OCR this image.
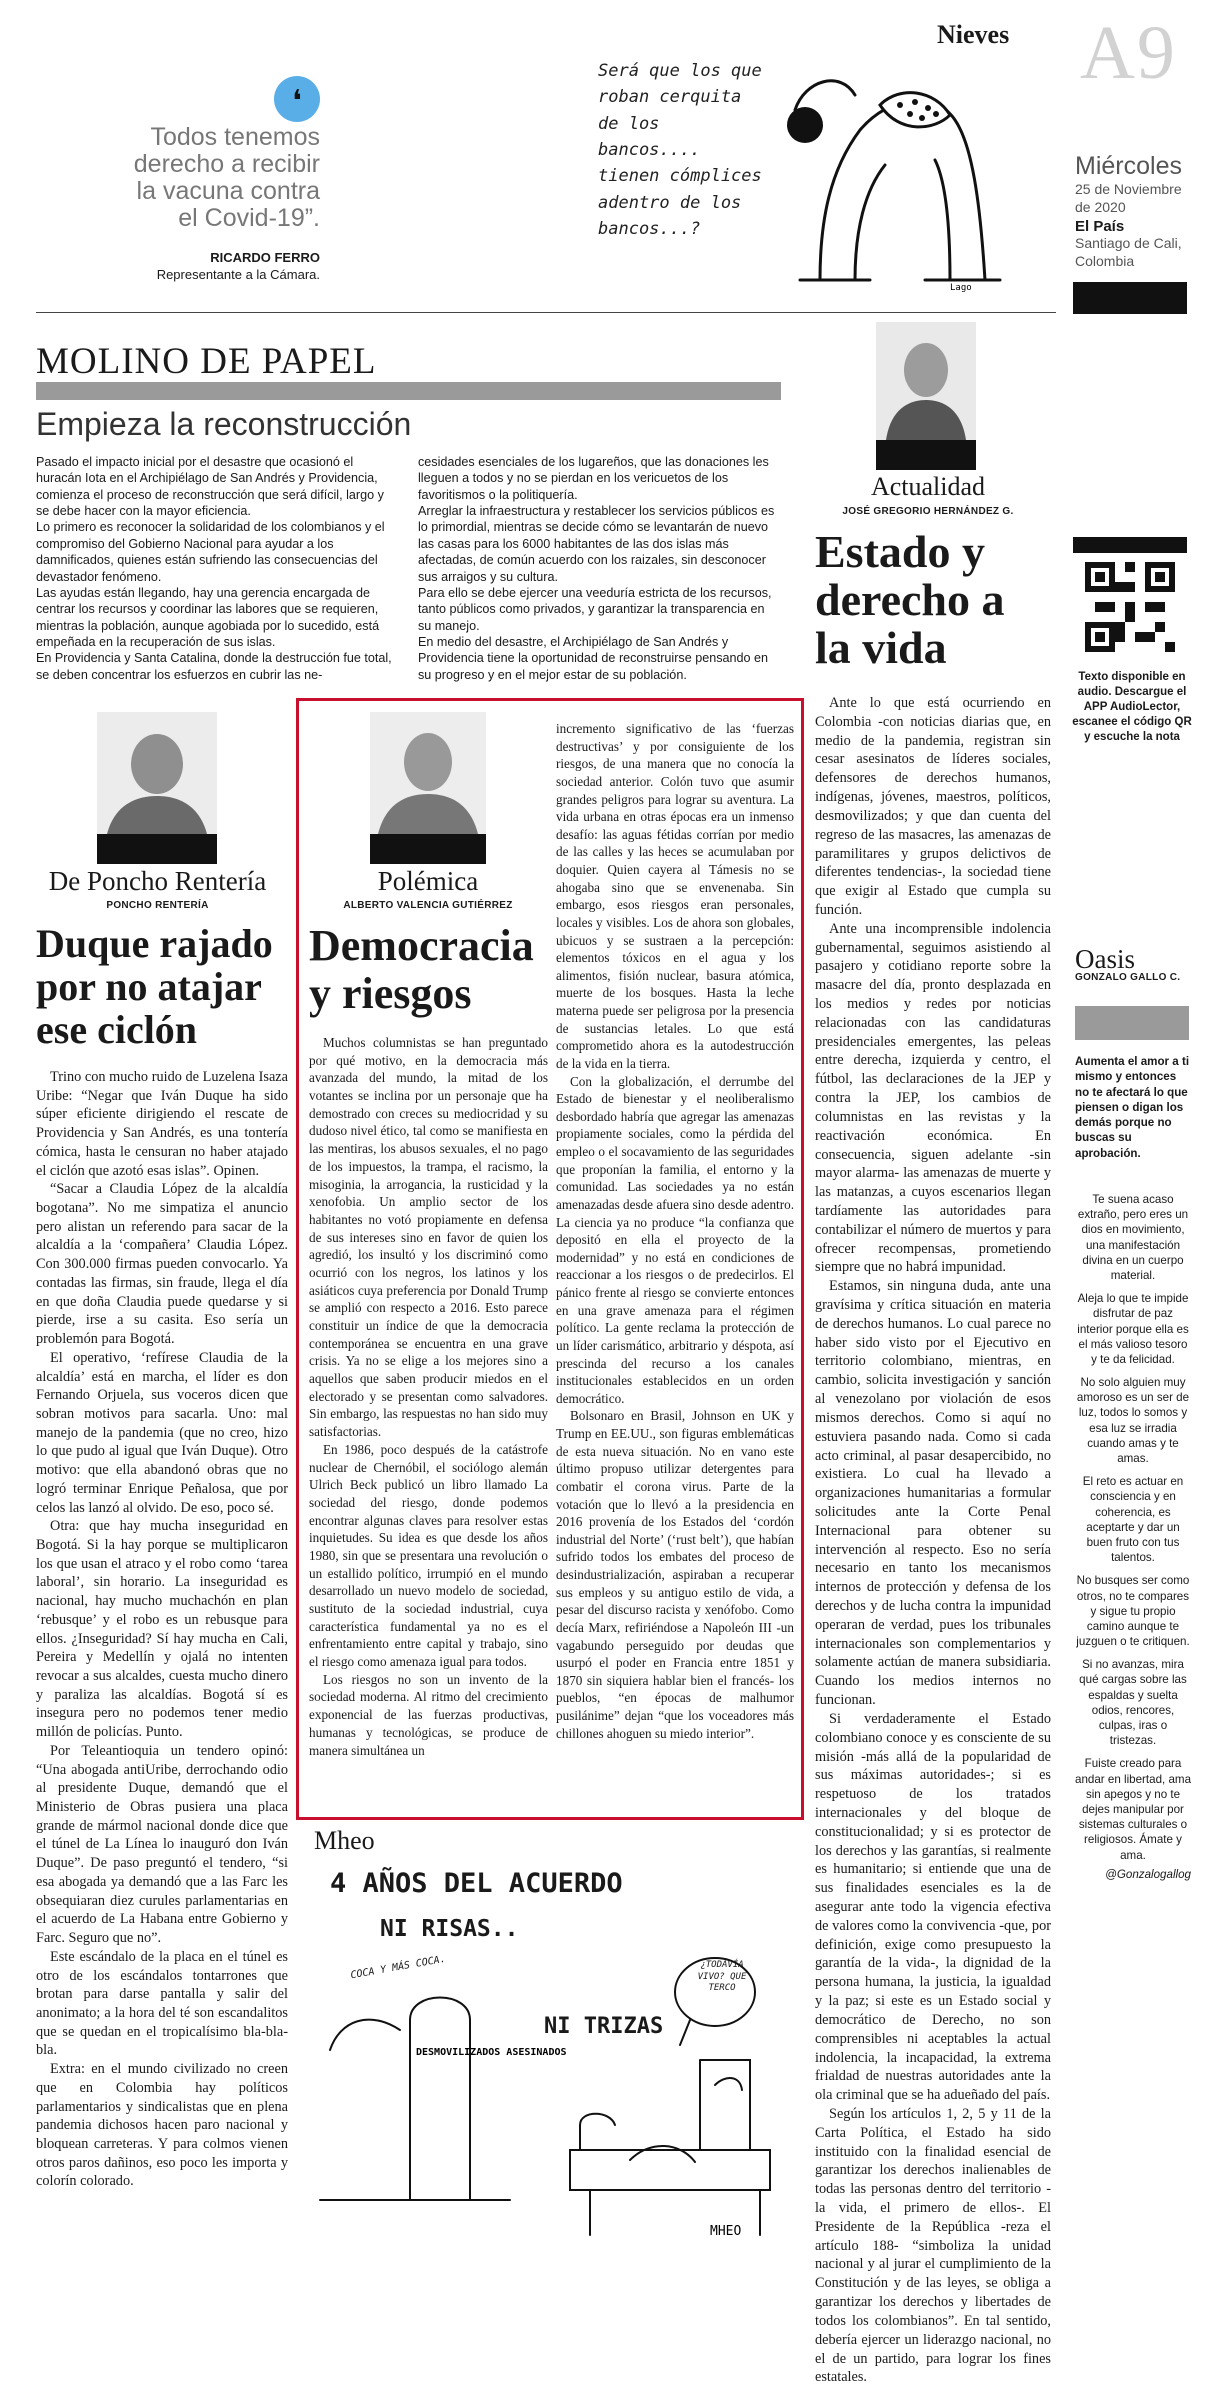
Nieves A9
Miércoles
25 de Noviembre de 2020
El País
Santiago de Cali, Colombia
❛
Todos tenemos derecho a recibir la vacuna contra el Covid-19”.
RICARDO FERRO
Representante a la Cámara.
Será que los que roban cerquita de los bancos.... tienen cómplices adentro de los bancos...?
Lago
MOLINO DE PAPEL
Empieza la reconstrucción

Pasado el impacto inicial por el desastre que ocasionó el huracán Iota en el Archipiélago de San Andrés y Providencia, comienza el proceso de reconstrucción que será difícil, largo y se debe hacer con la mayor eficiencia.

Lo primero es reconocer la solidaridad de los colombianos y el compromiso del Gobierno Nacional para ayudar a los damnificados, quienes están sufriendo las consecuencias del devastador fenómeno.

Las ayudas están llegando, hay una gerencia encargada de centrar los recursos y coordinar las labores que se requieren, mientras la población, aunque agobiada por lo sucedido, está empeñada en la recuperación de sus islas.

En Providencia y Santa Catalina, donde la destrucción fue total, se deben concentrar los esfuerzos en cubrir las ne-

cesidades esenciales de los lugareños, que las donaciones les lleguen a todos y no se pierdan en los vericuetos de los favoritismos o la politiquería.

Arreglar la infraestructura y restablecer los servicios públicos es lo primordial, mientras se decide cómo se levantarán de nuevo las casas para los 6000 habitantes de las dos islas más afectadas, de común acuerdo con los raizales, sin desconocer sus arraigos y su cultura.

Para ello se debe ejercer una veeduría estricta de los recursos, tanto públicos como privados, y garantizar la transparencia en su manejo.

En medio del desastre, el Archipiélago de San Andrés y Providencia tiene la oportunidad de reconstruirse pensando en su progreso y en el mejor estar de su población.

Actualidad
JOSÉ GREGORIO HERNÁNDEZ G.
Estado y derecho a la vida

Ante lo que está ocurriendo en Colombia -con noticias diarias que, en medio de la pandemia, registran sin cesar asesinatos de líderes sociales, defensores de derechos humanos, indígenas, jóvenes, maestros, políticos, desmovilizados; y que dan cuenta del regreso de las masacres, las amenazas de paramilitares y grupos delictivos de diferentes tendencias-, la sociedad tiene que exigir al Estado que cumpla su función.

Ante una incomprensible indolencia gubernamental, seguimos asistiendo al pasajero y cotidiano reporte sobre la masacre del día, pronto desplazada en los medios y redes por noticias relacionadas con las candidaturas presidenciales emergentes, las peleas entre derecha, izquierda y centro, el fútbol, las declaraciones de la JEP y contra la JEP, los cambios de columnistas en las revistas y la reactivación económica. En consecuencia, siguen adelante -sin mayor alarma- las amenazas de muerte y las matanzas, a cuyos escenarios llegan tardíamente las autoridades para contabilizar el número de muertos y para ofrecer recompensas, prometiendo siempre que no habrá impunidad.

Estamos, sin ninguna duda, ante una gravísima y crítica situación en materia de derechos humanos. Lo cual parece no haber sido visto por el Ejecutivo en territorio colombiano, mientras, en cambio, solicita investigación y sanción al venezolano por violación de esos mismos derechos. Como si aquí no estuviera pasando nada. Como si cada acto criminal, al pasar desapercibido, no existiera. Lo cual ha llevado a organizaciones humanitarias a formular solicitudes ante la Corte Penal Internacional para obtener su intervención al respecto. Eso no sería necesario en tanto los mecanismos internos de protección y defensa de los derechos y de lucha contra la impunidad operaran de verdad, pues los tribunales internacionales son complementarios y solamente actúan de manera subsidiaria. Cuando los medios internos no funcionan.

Si verdaderamente el Estado colombiano conoce y es consciente de su misión -más allá de la popularidad de sus máximas autoridades-; si es respetuoso de los tratados internacionales y del bloque de constitucionalidad; y si es protector de los derechos y las garantías, si realmente es humanitario; si entiende que una de sus finalidades esenciales es la de asegurar ante todo la vigencia efectiva de valores como la convivencia -que, por definición, exige como presupuesto la garantía de la vida-, la dignidad de la persona humana, la justicia, la igualdad y la paz; si este es un Estado social y democrático de Derecho, no son comprensibles ni aceptables la actual indolencia, la incapacidad, la extrema frialdad de nuestras autoridades ante la ola criminal que se ha adueñado del país.

Según los artículos 1, 2, 5 y 11 de la Carta Política, el Estado ha sido instituido con la finalidad esencial de garantizar los derechos inalienables de todas las personas dentro del territorio -la vida, el primero de ellos-. El Presidente de la República -reza el artículo 188- “simboliza la unidad nacional y al jurar el cumplimiento de la Constitución y de las leyes, se obliga a garantizar los derechos y libertades de todos los colombianos”. En tal sentido, debería ejercer un liderazgo nacional, no el de un partido, para lograr los fines estatales.

Texto disponible en audio. Descargue el APP AudioLector, escanee el código QR y escuche la nota
Oasis
GONZALO GALLO C.
Aumenta el amor a ti mismo y entonces no te afectará lo que piensen o digan los demás porque no buscas su aprobación.

Te suena acaso extraño, pero eres un dios en movimiento, una manifestación divina en un cuerpo material.

Aleja lo que te impide disfrutar de paz interior porque ella es el más valioso tesoro y te da felicidad.

No solo alguien muy amoroso es un ser de luz, todos lo somos y esa luz se irradia cuando amas y te amas.

El reto es actuar en consciencia y en coherencia, es aceptarte y dar un buen fruto con tus talentos.

No busques ser como otros, no te compares y sigue tu propio camino aunque te juzguen o te critiquen.

Si no avanzas, mira qué cargas sobre las espaldas y suelta odios, rencores, culpas, iras o tristezas.

Fuiste creado para andar en libertad, ama sin apegos y no te dejes manipular por sistemas culturales o religiosos. Ámate y ama.

@Gonzalogallog

De Poncho Rentería
PONCHO RENTERÍA
Duque rajado por no atajar ese ciclón

Trino con mucho ruido de Luzelena Isaza Uribe: “Negar que Iván Duque ha sido súper eficiente dirigiendo el rescate de Providencia y San Andrés, es una tontería cómica, hasta le censuran no haber atajado el ciclón que azotó esas islas”. Opinen.

“Sacar a Claudia López de la alcaldía bogotana”. No me simpatiza el anuncio pero alistan un referendo para sacar de la alcaldía a la ‘compañera’ Claudia López. Con 300.000 firmas pueden convocarlo. Ya contadas las firmas, sin fraude, llega el día en que doña Claudia puede quedarse y si pierde, irse a su casita. Eso sería un problemón para Bogotá.

El operativo, ‘refírese Claudia de la alcaldía’ está en marcha, el líder es don Fernando Orjuela, sus voceros dicen que sobran motivos para sacarla. Uno: mal manejo de la pandemia (que no creo, hizo lo que pudo al igual que Iván Duque). Otro motivo: que ella abandonó obras que no logró terminar Enrique Peñalosa, que por celos las lanzó al olvido. De eso, poco sé.

Otra: que hay mucha inseguridad en Bogotá. Si la hay porque se multiplicaron los que usan el atraco y el robo como ‘tarea laboral’, sin horario. La inseguridad es nacional, hay mucho muchachón en plan ‘rebusque’ y el robo es un rebusque para ellos. ¿Inseguridad? Sí hay mucha en Cali, Pereira y Medellín y ojalá no intenten revocar a sus alcaldes, cuesta mucho dinero y paraliza las alcaldías. Bogotá sí es insegura pero no podemos tener medio millón de policías. Punto.

Por Teleantioquia un tendero opinó: “Una abogada antiUribe, derrochando odio al presidente Duque, demandó que el Ministerio de Obras pusiera una placa grande de mármol nacional donde dice que el túnel de La Línea lo inauguró don Iván Duque”. De paso preguntó el tendero, “si esa abogada ya demandó que a las Farc les obsequiaran diez curules parlamentarias en el acuerdo de La Habana entre Gobierno y Farc. Seguro que no”.

Este escándalo de la placa en el túnel es otro de los escándalos tontarrones que brotan para darse pantalla y salir del anonimato; a la hora del té son escandalitos que se quedan en el tropicalísimo bla-bla-bla.

Extra: en el mundo civilizado no creen que en Colombia hay políticos parlamentarios y sindicalistas que en plena pandemia dichosos hacen paro nacional y bloquean carreteras. Y para colmos vienen otros paros dañinos, eso poco les importa y colorín colorado.

Polémica
ALBERTO VALENCIA GUTIÉRREZ
Democracia y riesgos

Muchos columnistas se han preguntado por qué motivo, en la democracia más avanzada del mundo, la mitad de los votantes se inclina por un personaje que ha demostrado con creces su mediocridad y su dudoso nivel ético, tal como se manifiesta en las mentiras, los abusos sexuales, el no pago de los impuestos, la trampa, el racismo, la misoginia, la arrogancia, la rusticidad y la xenofobia. Un amplio sector de los habitantes no votó propiamente en defensa de sus intereses sino en favor de quien los agredió, los insultó y los discriminó como ocurrió con los negros, los latinos y los asiáticos cuya preferencia por Donald Trump se amplió con respecto a 2016. Esto parece constituir un índice de que la democracia contemporánea se encuentra en una grave crisis. Ya no se elige a los mejores sino a aquellos que saben producir miedos en el electorado y se presentan como salvadores. Sin embargo, las respuestas no han sido muy satisfactorias.

En 1986, poco después de la catástrofe nuclear de Chernóbil, el sociólogo alemán Ulrich Beck publicó un libro llamado La sociedad del riesgo, donde podemos encontrar algunas claves para resolver estas inquietudes. Su idea es que desde los años 1980, sin que se presentara una revolución o un estallido político, irrumpió en el mundo desarrollado un nuevo modelo de sociedad, sustituto de la sociedad industrial, cuya característica fundamental ya no es el enfrentamiento entre capital y trabajo, sino el riesgo como amenaza igual para todos.

Los riesgos no son un invento de la sociedad moderna. Al ritmo del crecimiento exponencial de las fuerzas productivas, humanas y tecnológicas, se produce de manera simultánea un

incremento significativo de las ‘fuerzas destructivas’ y por consiguiente de los riesgos, de una manera que no conocía la sociedad anterior. Colón tuvo que asumir grandes peligros para lograr su aventura. La vida urbana en otras épocas era un inmenso desafío: las aguas fétidas corrían por medio de las calles y las heces se acumulaban por doquier. Quien cayera al Támesis no se ahogaba sino que se envenenaba. Sin embargo, esos riesgos eran personales, locales y visibles. Los de ahora son globales, ubicuos y se sustraen a la percepción: elementos tóxicos en el agua y los alimentos, fisión nuclear, basura atómica, muerte de los bosques. Hasta la leche materna puede ser peligrosa por la presencia de sustancias letales. Lo que está comprometido ahora es la autodestrucción de la vida en la tierra.

Con la globalización, el derrumbe del Estado de bienestar y el neoliberalismo desbordado habría que agregar las amenazas propiamente sociales, como la pérdida del empleo o el socavamiento de las seguridades que proponían la familia, el entorno y la comunidad. Las sociedades ya no están amenazadas desde afuera sino desde adentro. La ciencia ya no produce “la confianza que depositó en ella el proyecto de la modernidad” y no está en condiciones de reaccionar a los riesgos o de predecirlos. El pánico frente al riesgo se convierte entonces en una grave amenaza para el régimen político. La gente reclama la protección de un líder carismático, arbitrario y déspota, así prescinda del recurso a los canales institucionales establecidos en un orden democrático.

Bolsonaro en Brasil, Johnson en UK y Trump en EE.UU., son figuras emblemáticas de esta nueva situación. No en vano este último propuso utilizar detergentes para combatir el corona virus. Parte de la votación que lo llevó a la presidencia en 2016 provenía de los Estados del ‘cordón industrial del Norte’ (‘rust belt’), que habían sufrido todos los embates del proceso de desindustrialización, aspiraban a recuperar sus empleos y su antiguo estilo de vida, a pesar del discurso racista y xenófobo. Como decía Marx, refiriéndose a Napoleón III -un vagabundo perseguido por deudas que usurpó el poder en Francia entre 1851 y 1870 sin siquiera hablar bien el francés- los pueblos, “en épocas de malhumor pusilánime” dejan “que los voceadores más chillones ahoguen su miedo interior”.

Mheo
4 AÑOS DEL ACUERDO
NI RISAS..
NI TRIZAS
COCA Y MÁS COCA.	¿TODAVÍA VIVO? QUE TERCO
DESMOVILIZADOS ASESINADOS
MHEO
